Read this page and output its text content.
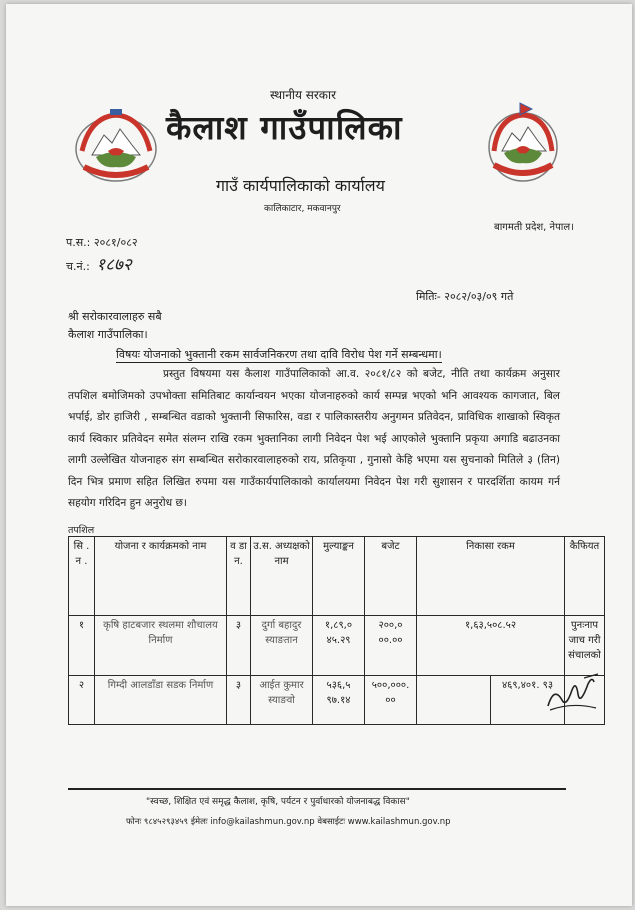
स्थानीय सरकार
कैलाश गाउँपालिका
गाउँ कार्यपालिकाको कार्यालय
कालिकाटार, मकवानपुर
बागमती प्रदेश, नेपाल।
प.स.: २०८१/०८२
च.नं.: १८७२
मितिः- २०८२/०३/०९ गते
श्री सरोकारवालाहरु सबै
कैलाश गाउँपालिका।
विषयः योजनाको भुक्तानी रकम सार्वजनिकरण तथा दावि विरोध पेश गर्ने सम्बन्धमा।
प्रस्तुत विषयमा यस कैलाश गाउँपालिकाको आ.व. २०८१/८२ को बजेट, नीति तथा कार्यक्रम अनुसार तपशिल बमोजिमको उपभोक्ता समितिबाट कार्यान्वयन भएका योजनाहरुको कार्य सम्पन्न भएको भनि आवश्यक कागजात, बिल भर्पाई, डोर हाजिरी , सम्बन्धित वडाको भुक्तानी सिफारिस, वडा र पालिकास्तरीय अनुगमन प्रतिवेदन, प्राविधिक शाखाको स्विकृत कार्य स्विकार प्रतिवेदन समेत संलग्न राखि रकम भुक्तानिका लागी निवेदन पेश भई आएकोले भुक्तानि प्रकृया अगाडि बढाउनका लागी उल्लेखित योजनाहरु संग सम्बन्धित सरोकारवालाहरुको राय, प्रतिकृया , गुनासो केहि भएमा यस सुचनाको मितिले ३ (तिन) दिन भित्र प्रमाण सहित लिखित रुपमा यस गाउँकार्यपालिकाको कार्यालयमा निवेदन पेश गरी सुशासन र पारदर्शिता कायम गर्न सहयोग गरिदिन हुन अनुरोध छ।
तपशिल
सि . न .	योजना र कार्यक्रमको नाम	व डा न.	उ.स. अध्यक्षको नाम	मुल्याङ्कन	बजेट	निकासा रकम		कैफियत
१	कृषि हाटबजार स्थलमा शौचालय निर्माण	३	दुर्गा बहादुर स्याङतान	१,८९,० ४५.२९	२००,० ००.००	१,६३,५०८.५२		पुनःनाप जाच गरी संचालको
२	गिम्दी आलडाँडा सडक निर्माण	३	आईत कुमार स्याङवो	५३६,५ ९७.१४	५००,०००. ००		४६९,४०१. ९३	
"स्वच्छ, शिक्षित एवं समृद्ध कैलाश, कृषि, पर्यटन र पुर्वाधारको योजनाबद्ध विकास"
फोनः ९८४५२९३४५९ ईमेलः info@kailashmun.gov.np वेबसाईटः www.kailashmun.gov.np
